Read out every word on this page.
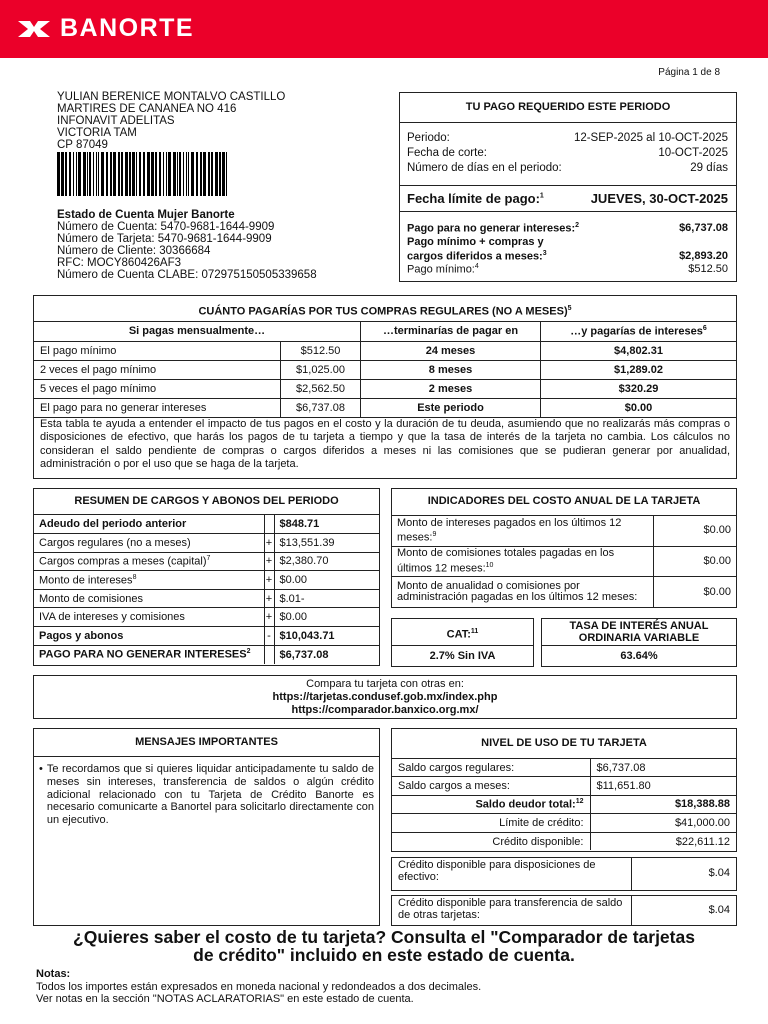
BANORTE
Página 1 de 8
YULIAN BERENICE MONTALVO CASTILLO
MARTIRES DE CANANEA NO 416
INFONAVIT ADELITAS
VICTORIA TAM
CP 87049
Estado de Cuenta Mujer Banorte
Número de Cuenta: 5470-9681-1644-9909
Número de Tarjeta: 5470-9681-1644-9909
Número de Cliente: 30366684
RFC: MOCY860426AF3
Número de Cuenta CLABE: 072975150505339658
TU PAGO REQUERIDO ESTE PERIODO
Periodo:	12-SEP-2025 al 10-OCT-2025
Fecha de corte:	10-OCT-2025
Número de días en el periodo:	29 días
Fecha límite de pago:$^1$	JUEVES, 30-OCT-2025
Pago para no generar intereses:$^2$	$6,737.08
Pago mínimo + compras y
cargos diferidos a meses:$^3$	$2,893.20
Pago mínimo:$^4$	$512.50
CUÁNTO PAGARÍAS POR TUS COMPRAS REGULARES (NO A MESES)$^5$
Si pagas mensualmente…		…terminarías de pagar en	…y pagarías de intereses$^6$
El pago mínimo	$512.50	24 meses	$4,802.31
2 veces el pago mínimo	$1,025.00	8 meses	$1,289.02
5 veces el pago mínimo	$2,562.50	2 meses	$320.29
El pago para no generar intereses	$6,737.08	Este periodo	$0.00
Esta tabla te ayuda a entender el impacto de tus pagos en el costo y la duración de tu deuda, asumiendo que no realizarás más compras o disposiciones de efectivo, que harás los pagos de tu tarjeta a tiempo y que la tasa de interés de la tarjeta no cambia. Los cálculos no consideran el saldo pendiente de compras o cargos diferidos a meses ni las comisiones que se pudieran generar por anualidad, administración o por el uso que se haga de la tarjeta.
RESUMEN DE CARGOS Y ABONOS DEL PERIODO
Adeudo del periodo anterior		$848.71
Cargos regulares (no a meses)	+	$13,551.39
Cargos compras a meses (capital)$^7$	+	$2,380.70
Monto de intereses$^8$	+	$0.00
Monto de comisiones	+	$.01-
IVA de intereses y comisiones	+	$0.00
Pagos y abonos	-	$10,043.71
PAGO PARA NO GENERAR INTERESES$^2$		$6,737.08
INDICADORES DEL COSTO ANUAL DE LA TARJETA
Monto de intereses pagados en los últimos 12 meses:$^9$	$0.00
Monto de comisiones totales pagadas en los últimos 12 meses:$^{10}$	$0.00
Monto de anualidad o comisiones por administración pagadas en los últimos 12 meses:	$0.00
CAT:$^{11}$
2.7% Sin IVA
TASA DE INTERÉS ANUAL
ORDINARIA VARIABLE
63.64%
Compara tu tarjeta con otras en:
https://tarjetas.condusef.gob.mx/index.php
https://comparador.banxico.org.mx/
MENSAJES IMPORTANTES
• Te recordamos que si quieres liquidar anticipadamente tu saldo de meses sin intereses, transferencia de saldos o algún crédito adicional relacionado con tu Tarjeta de Crédito Banorte es necesario comunicarte a Banortel para solicitarlo directamente con un ejecutivo.
NIVEL DE USO DE TU TARJETA
Saldo cargos regulares:	$6,737.08
Saldo cargos a meses:	$11,651.80
Saldo deudor total:$^{12}$	$18,388.88
Límite de crédito:	$41,000.00
Crédito disponible:	$22,611.12
Crédito disponible para disposiciones de efectivo:	$.04
Crédito disponible para transferencia de saldo de otras tarjetas:	$.04
¿Quieres saber el costo de tu tarjeta? Consulta el "Comparador de tarjetas
de crédito" incluido en este estado de cuenta.
Notas:
Todos los importes están expresados en moneda nacional y redondeados a dos decimales.
Ver notas en la sección "NOTAS ACLARATORIAS" en este estado de cuenta.
